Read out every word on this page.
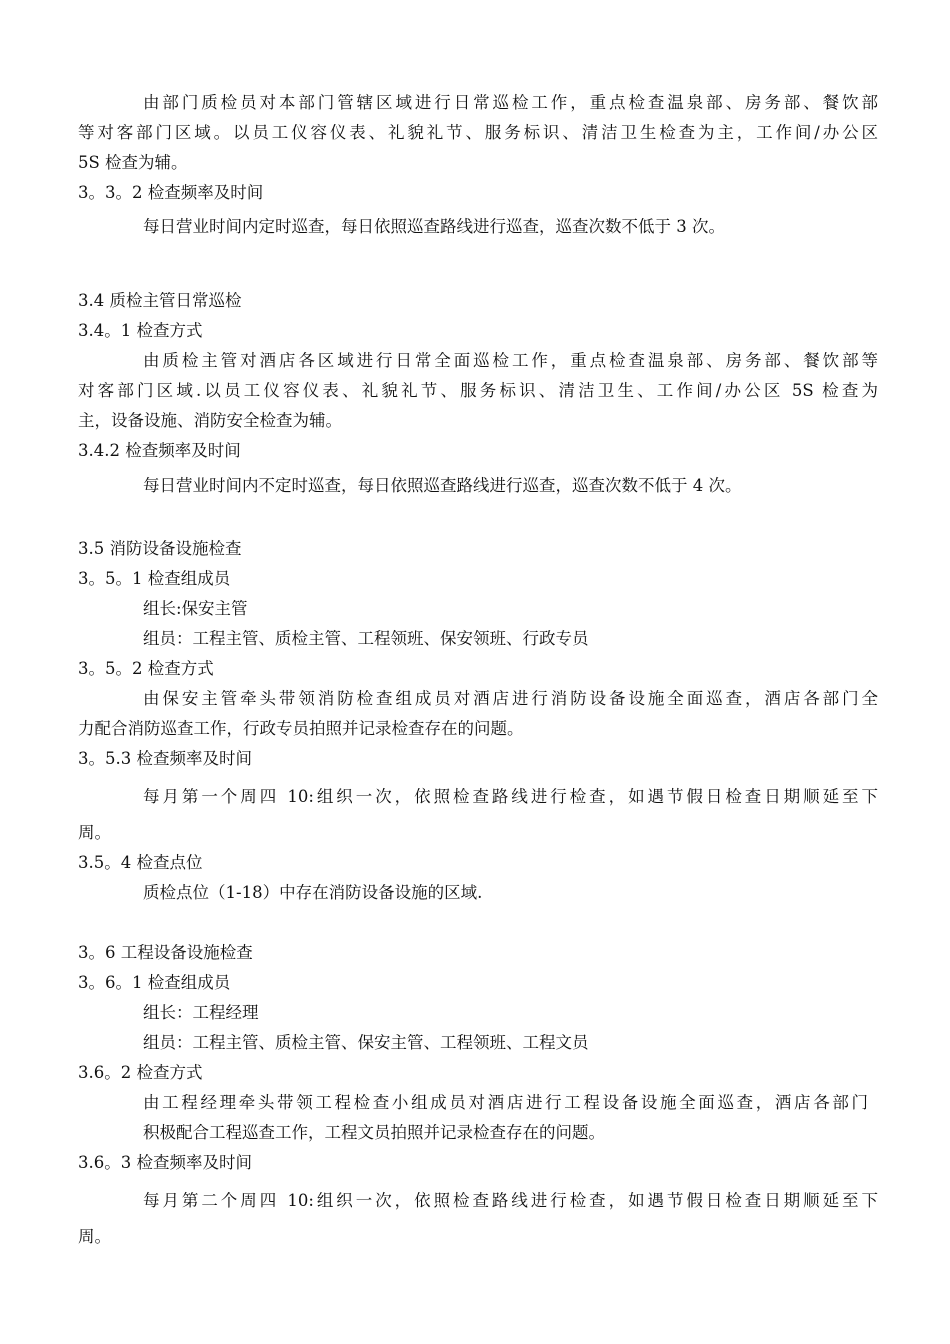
由部门质检员对本部门管辖区域进行日常巡检工作，重点检查温泉部、房务部、餐饮部

等对客部门区域。以员工仪容仪表、礼貌礼节、服务标识、清洁卫生检查为主，工作间/办公区

5S 检查为辅。

3。3。2 检查频率及时间

每日营业时间内定时巡查，每日依照巡查路线进行巡查，巡查次数不低于 3 次。

3.4 质检主管日常巡检

3.4。1 检查方式

由质检主管对酒店各区域进行日常全面巡检工作，重点检查温泉部、房务部、餐饮部等

对客部门区域.以员工仪容仪表、礼貌礼节、服务标识、清洁卫生、工作间/办公区 5S 检查为

主，设备设施、消防安全检查为辅。

3.4.2 检查频率及时间

每日营业时间内不定时巡查，每日依照巡查路线进行巡查，巡查次数不低于 4 次。

3.5 消防设备设施检查

3。5。1 检查组成员

组长:保安主管

组员：工程主管、质检主管、工程领班、保安领班、行政专员

3。5。2 检查方式

由保安主管牵头带领消防检查组成员对酒店进行消防设备设施全面巡查，酒店各部门全

力配合消防巡查工作，行政专员拍照并记录检查存在的问题。

3。5.3 检查频率及时间

每月第一个周四 10:组织一次，依照检查路线进行检查，如遇节假日检查日期顺延至下

周。

3.5。4 检查点位

质检点位（1-18）中存在消防设备设施的区域.

3。6 工程设备设施检查

3。6。1 检查组成员

组长：工程经理

组员：工程主管、质检主管、保安主管、工程领班、工程文员

3.6。2 检查方式

由工程经理牵头带领工程检查小组成员对酒店进行工程设备设施全面巡查，酒店各部门

积极配合工程巡查工作，工程文员拍照并记录检查存在的问题。

3.6。3 检查频率及时间

每月第二个周四 10:组织一次，依照检查路线进行检查，如遇节假日检查日期顺延至下

周。
